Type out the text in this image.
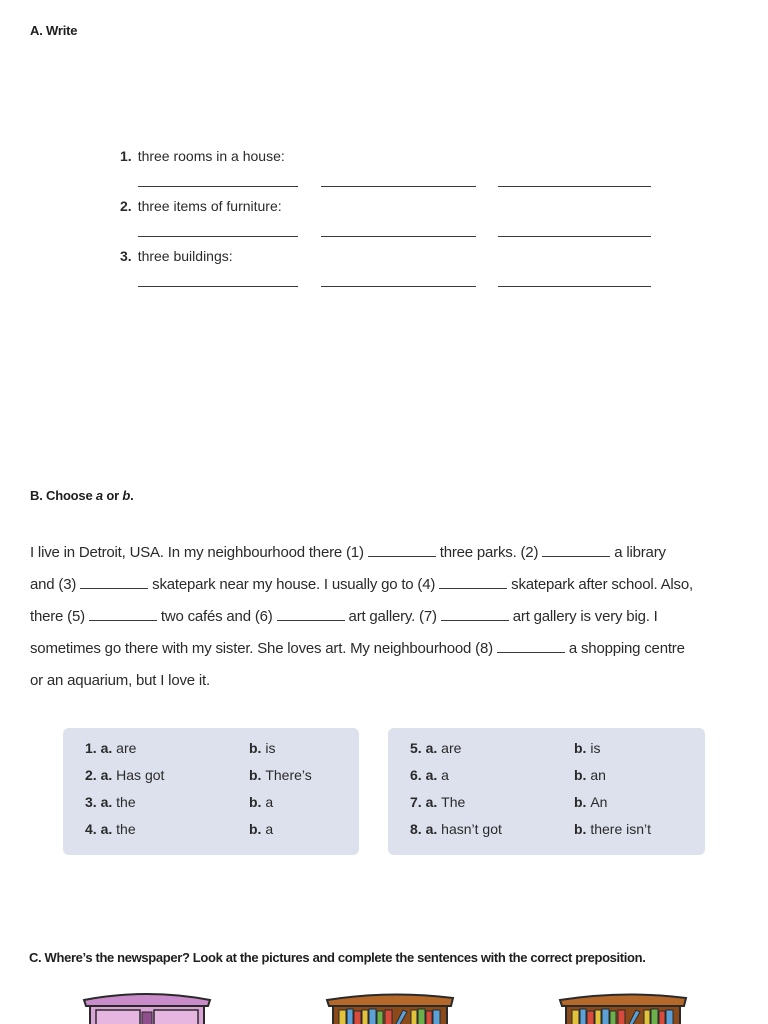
A. Write
1. three rooms in a house:
2. three items of furniture:
3. three buildings:
B. Choose a or b.
I live in Detroit, USA. In my neighbourhood there (1)	three parks. (2)	a library
and (3)	skatepark near my house. I usually go to (4)	skatepark after school. Also,
there (5)	two cafés and (6)	art gallery. (7)	art gallery is very big. I
sometimes go there with my sister. She loves art. My neighbourhood (8)	a shopping centre
or an aquarium, but I love it.
1. a. are	b. is
2. a. Has got	b. There’s
3. a. the	b. a
4. a. the	b. a
5. a. are	b. is
6. a. a	b. an
7. a. The	b. An
8. a. hasn’t got	b. there isn’t
C. Where’s the newspaper? Look at the pictures and complete the sentences with the correct preposition.
